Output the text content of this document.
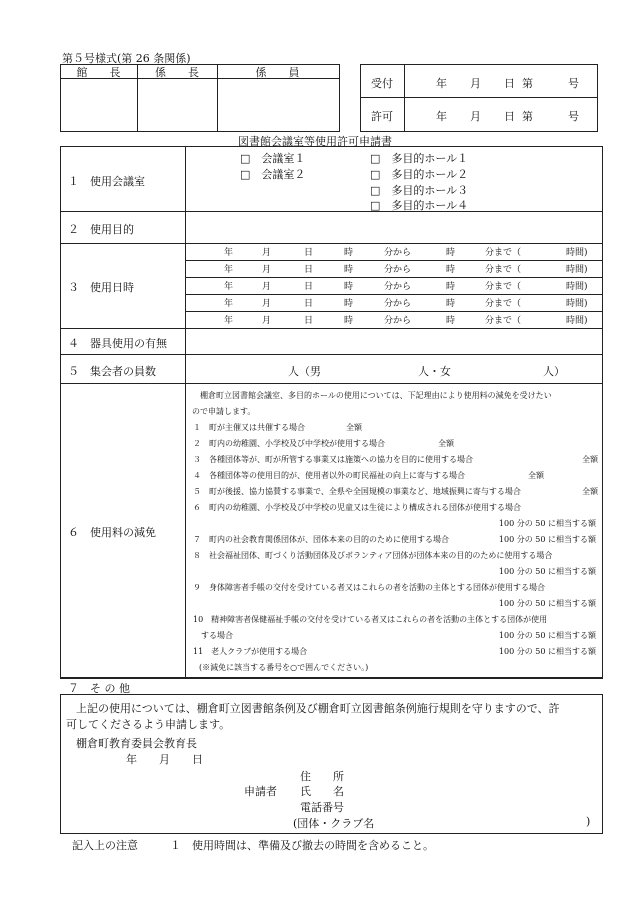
第５号様式(第 26 条関係)
館　　長	係　　長	係　　員
受付	年　月　日 第	号
許可	年　月　日 第	号
図書館会議室等使用許可申請書
１　使用会議室
□　会議室１
□　会議室２
□　多目的ホール１
□　多目的ホール２
□　多目的ホール３
□　多目的ホール４
２　使用目的
３　使用日時
年	月	日	時	分から	時	分まで（	時間)
年	月	日	時	分から	時	分まで（	時間)
年	月	日	時	分から	時	分まで（	時間)
年	月	日	時	分から	時	分まで（	時間)
年	月	日	時	分から	時	分まで（	時間)
４　器具使用の有無
５　集会者の員数	人（男	人・女	人）
６　使用料の減免
棚倉町立図書館会議室、多目的ホールの使用については、下記理由により使用料の減免を受けたい
ので申請します。
１　町が主催又は共催する場合	全額
２　町内の幼稚園、小学校及び中学校が使用する場合	全額
３　各種団体等が、町が所管する事業又は施策への協力を目的に使用する場合	全額
４　各種団体等の使用目的が、使用者以外の町民福祉の向上に寄与する場合	全額
５　町が後援、協力協賛する事業で、全県や全国規模の事業など、地域振興に寄与する場合	全額
６　町内の幼稚園、小学校及び中学校の児童又は生徒により構成される団体が使用する場合
100 分の 50 に相当する額
７　町内の社会教育関係団体が、団体本来の目的のために使用する場合	100 分の 50 に相当する額
８　社会福祉団体、町づくり活動団体及びボランティア団体が団体本来の目的のために使用する場合
100 分の 50 に相当する額
９　身体障害者手帳の交付を受けている者又はこれらの者を活動の主体とする団体が使用する場合
100 分の 50 に相当する額
10　精神障害者保健福祉手帳の交付を受けている者又はこれらの者を活動の主体とする団体が使用
　する場合	100 分の 50 に相当する額
11　老人クラブが使用する場合	100 分の 50 に相当する額
(※減免に該当する番号を○で囲んでください。)
７　そ の 他
上記の使用については、棚倉町立図書館条例及び棚倉町立図書館条例施行規則を守りますので、許
可してくださるよう申請します。
棚倉町教育委員会教育長
年　　月　　日
住　　所
申請者 氏　　名
電話番号
(団体・クラブ名	)
記入上の注意	１　使用時間は、準備及び撤去の時間を含めること。
